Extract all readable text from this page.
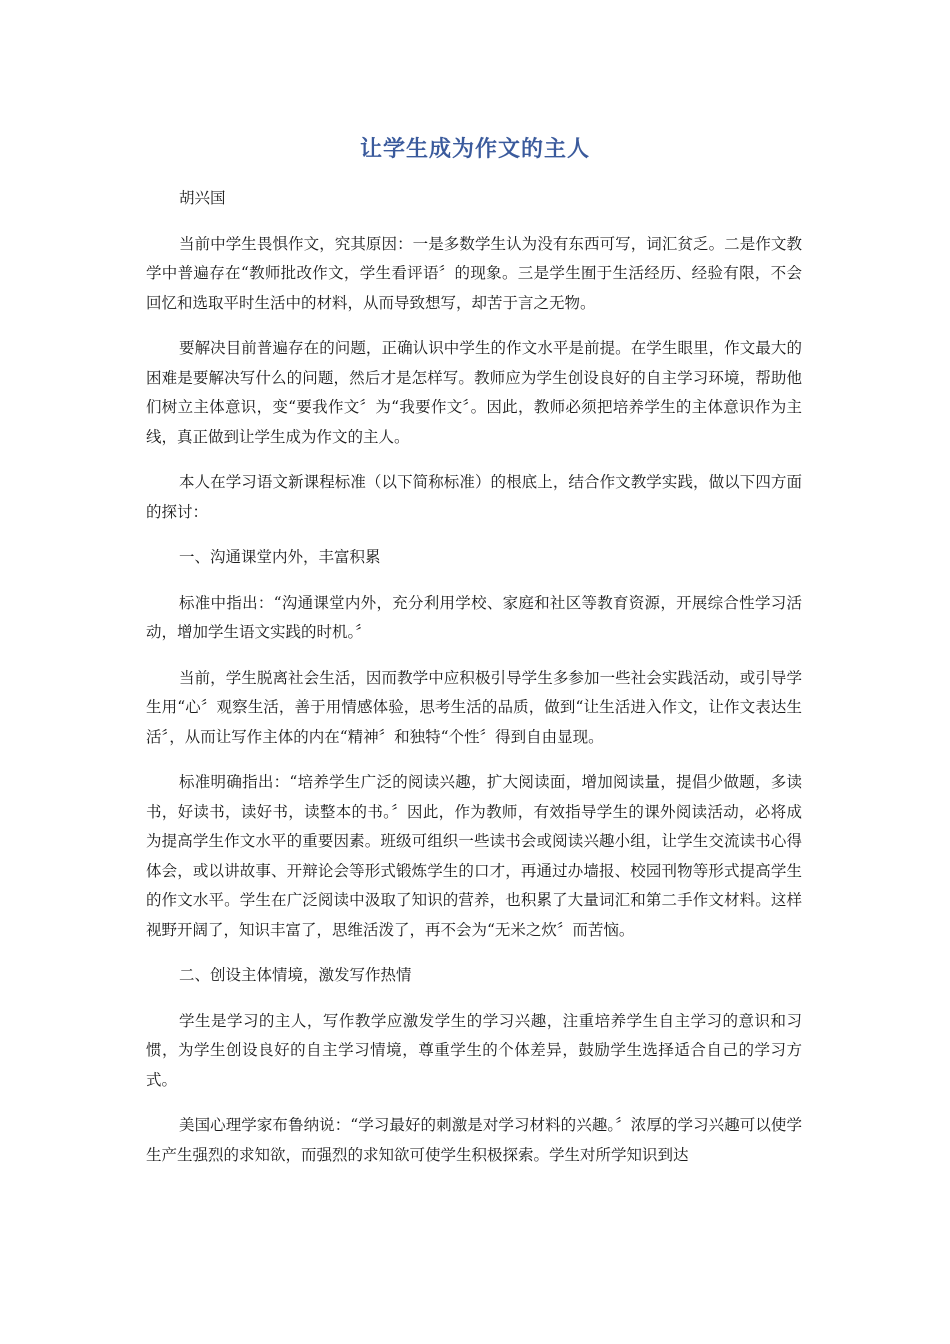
让学生成为作文的主人

胡兴国

当前中学生畏惧作文，究其原因：一是多数学生认为没有东西可写，词汇贫乏。二是作文教学中普遍存在“教师批改作文，学生看评语〞的现象。三是学生囿于生活经历、经验有限，不会回忆和选取平时生活中的材料，从而导致想写，却苦于言之无物。

要解决目前普遍存在的问题，正确认识中学生的作文水平是前提。在学生眼里，作文最大的困难是要解决写什么的问题，然后才是怎样写。教师应为学生创设良好的自主学习环境，帮助他们树立主体意识，变“要我作文〞为“我要作文〞。因此，教师必须把培养学生的主体意识作为主线，真正做到让学生成为作文的主人。

本人在学习语文新课程标准（以下简称标准）的根底上，结合作文教学实践，做以下四方面的探讨：

一、沟通课堂内外，丰富积累

标准中指出：“沟通课堂内外，充分利用学校、家庭和社区等教育资源，开展综合性学习活动，增加学生语文实践的时机。〞

当前，学生脱离社会生活，因而教学中应积极引导学生多参加一些社会实践活动，或引导学生用“心〞观察生活，善于用情感体验，思考生活的品质，做到“让生活进入作文，让作文表达生活〞，从而让写作主体的内在“精神〞和独特“个性〞得到自由显现。

标准明确指出：“培养学生广泛的阅读兴趣，扩大阅读面，增加阅读量，提倡少做题，多读书，好读书，读好书，读整本的书。〞因此，作为教师，有效指导学生的课外阅读活动，必将成为提高学生作文水平的重要因素。班级可组织一些读书会或阅读兴趣小组，让学生交流读书心得体会，或以讲故事、开辩论会等形式锻炼学生的口才，再通过办墙报、校园刊物等形式提高学生的作文水平。学生在广泛阅读中汲取了知识的营养，也积累了大量词汇和第二手作文材料。这样视野开阔了，知识丰富了，思维活泼了，再不会为“无米之炊〞而苦恼。

二、创设主体情境，激发写作热情

学生是学习的主人，写作教学应激发学生的学习兴趣，注重培养学生自主学习的意识和习惯，为学生创设良好的自主学习情境，尊重学生的个体差异，鼓励学生选择适合自己的学习方式。

美国心理学家布鲁纳说：“学习最好的刺激是对学习材料的兴趣。〞浓厚的学习兴趣可以使学生产生强烈的求知欲，而强烈的求知欲可使学生积极探索。学生对所学知识到达
